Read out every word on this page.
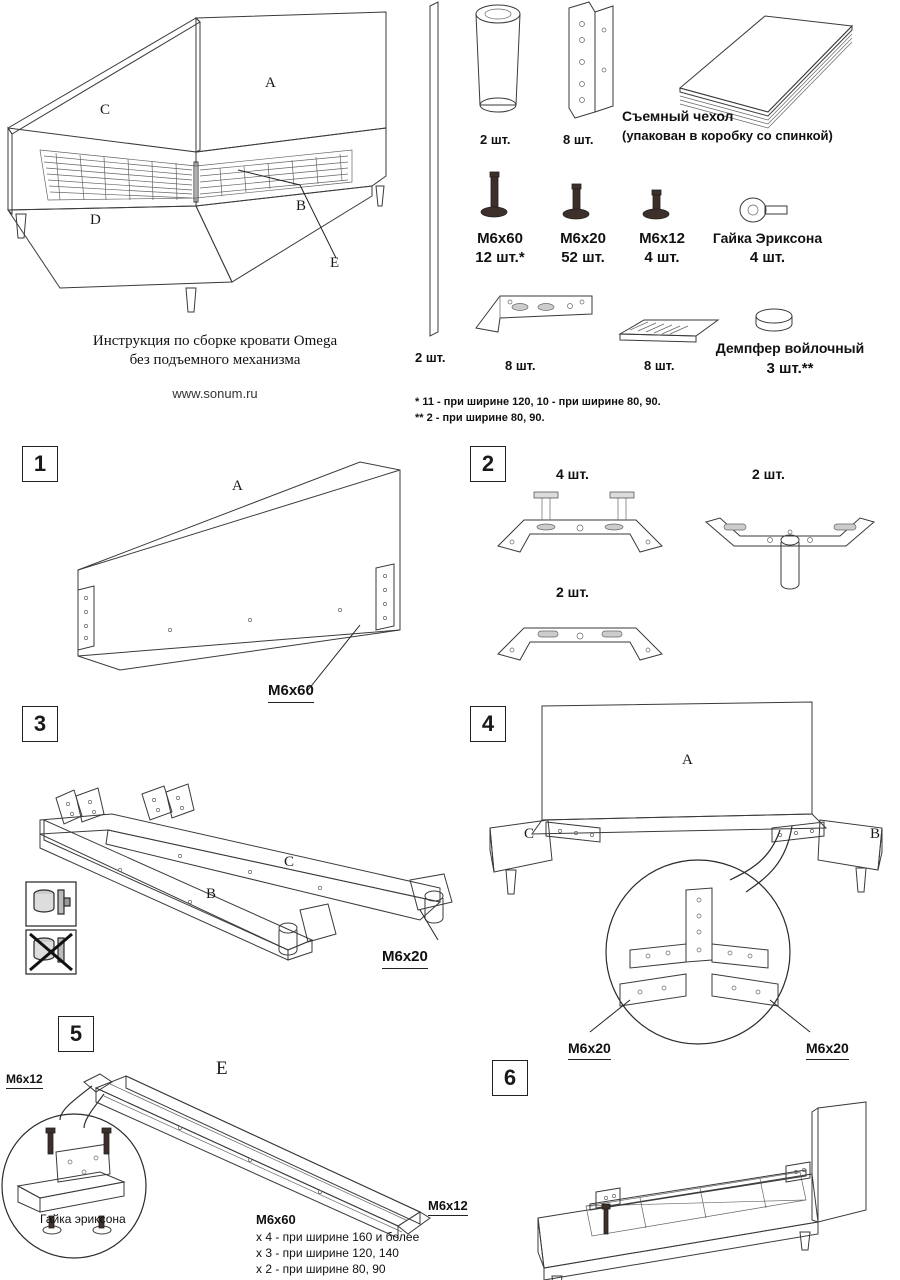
A
C
B
D
E
Инструкция по сборке кровати Omega
без подъемного механизма
www.sonum.ru
2 шт.
2 шт.	8 шт.
Съемный чехол
(упакован в коробку со спинкой)
M6x60
12 шт.*
M6x20
52 шт.
M6x12
4 шт.
Гайка Эриксона
4 шт.
8 шт.	8 шт.
Демпфер войлочный
3 шт.**
* 11 - при ширине 120, 10 - при ширине 80, 90.
** 2 - при ширине 80, 90.
1
A
M6x60
2	4 шт.	2 шт.
2 шт.
3
C
B
M6x20
4
A
C	B
M6x20	M6x20
5
M6x12	E
Гайка эриксона
M6x12
M6x60
х 4 - при ширине 160 и более
х 3 - при ширине 120, 140
х 2 - при ширине 80, 90
6
